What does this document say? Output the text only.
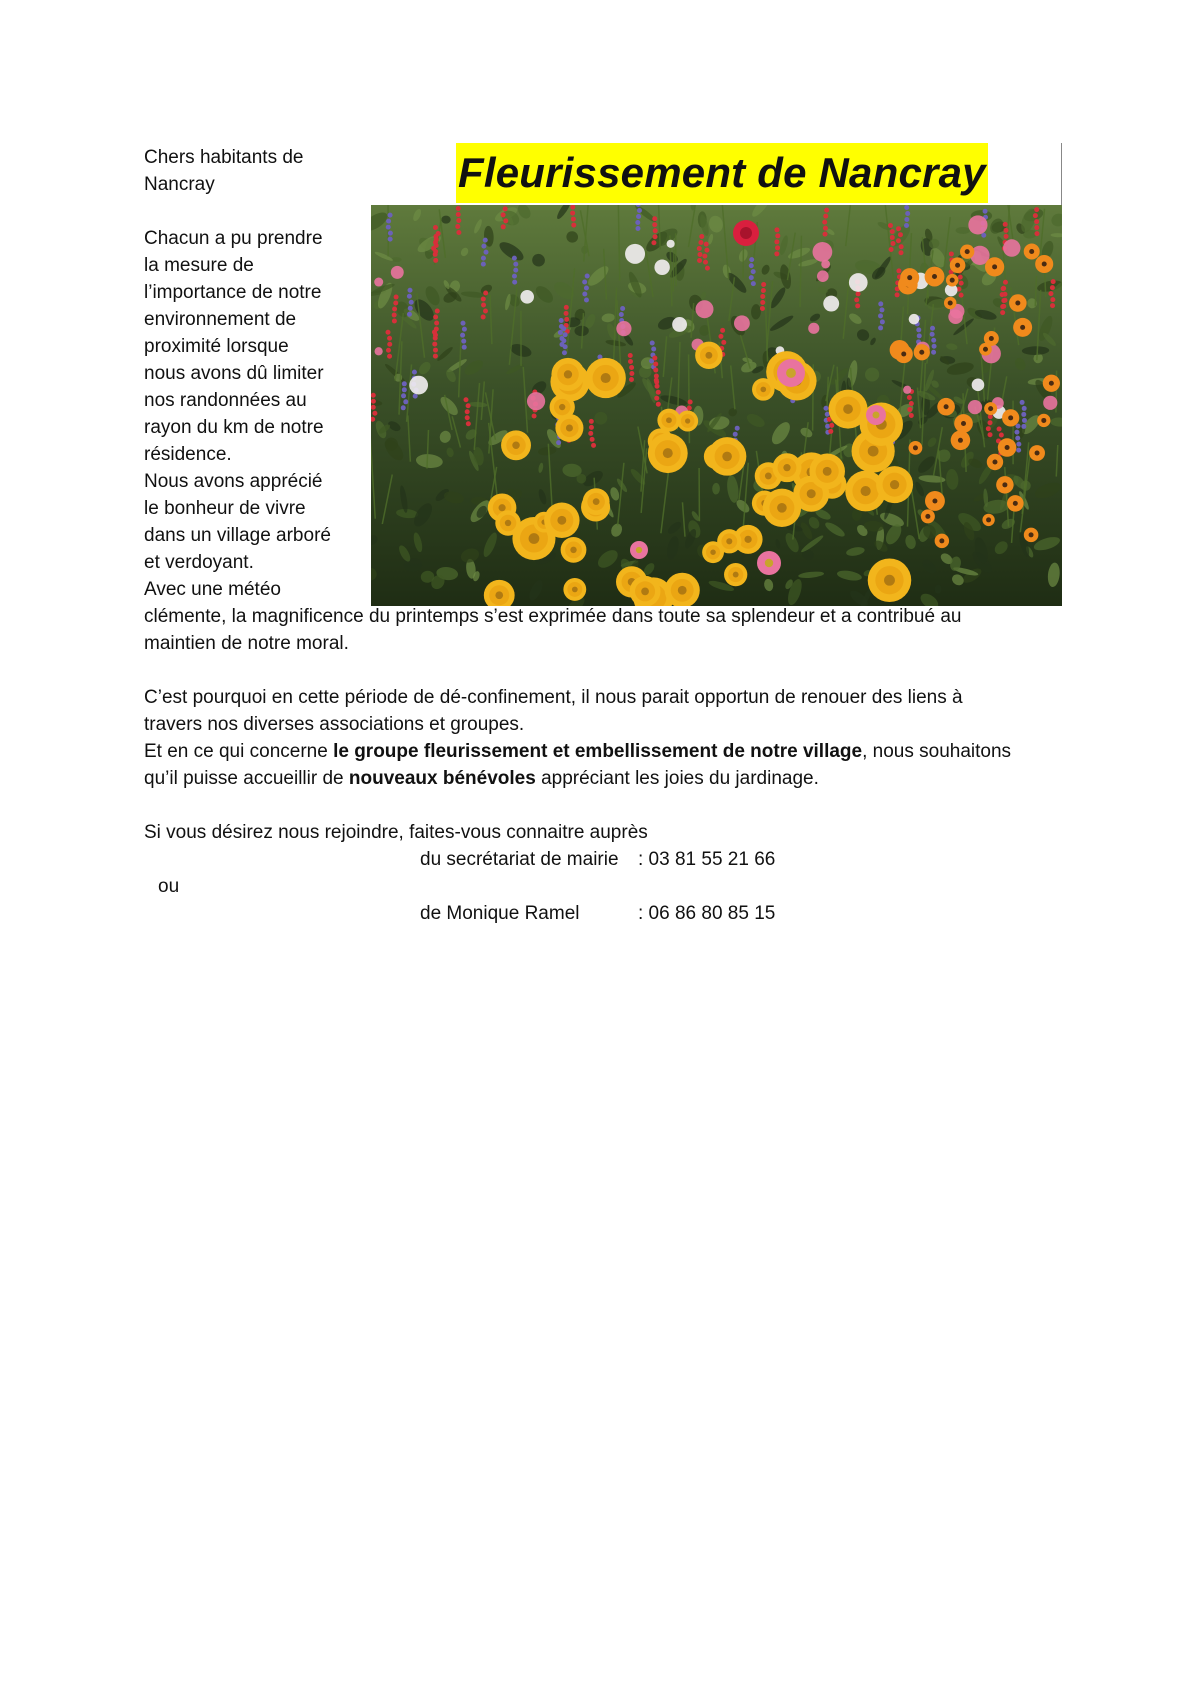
Fleurissement de Nancray

Chers habitants de

Nancray

Chacun a pu prendre

la mesure de

l’importance de notre

environnement de

proximité lorsque

nous avons dû limiter

nos randonnées au

rayon du km de notre

résidence.

Nous avons apprécié

le bonheur de vivre

dans un village arboré

et verdoyant.

Avec une météo

clémente, la magnificence du printemps s’est exprimée dans toute sa splendeur et a contribué au

maintien de notre moral.

C’est pourquoi en cette période de dé-confinement, il nous parait opportun de renouer des liens à

travers nos diverses associations et groupes.

Et en ce qui concerne le groupe fleurissement et embellissement de notre village, nous souhaitons

qu’il puisse accueillir de nouveaux bénévoles appréciant les joies du jardinage.

Si vous désirez nous rejoindre, faites-vous connaitre auprès

du secrétariat de mairie : 03 81 55 21 66

ou

de Monique Ramel	: 06 86 80 85 15
